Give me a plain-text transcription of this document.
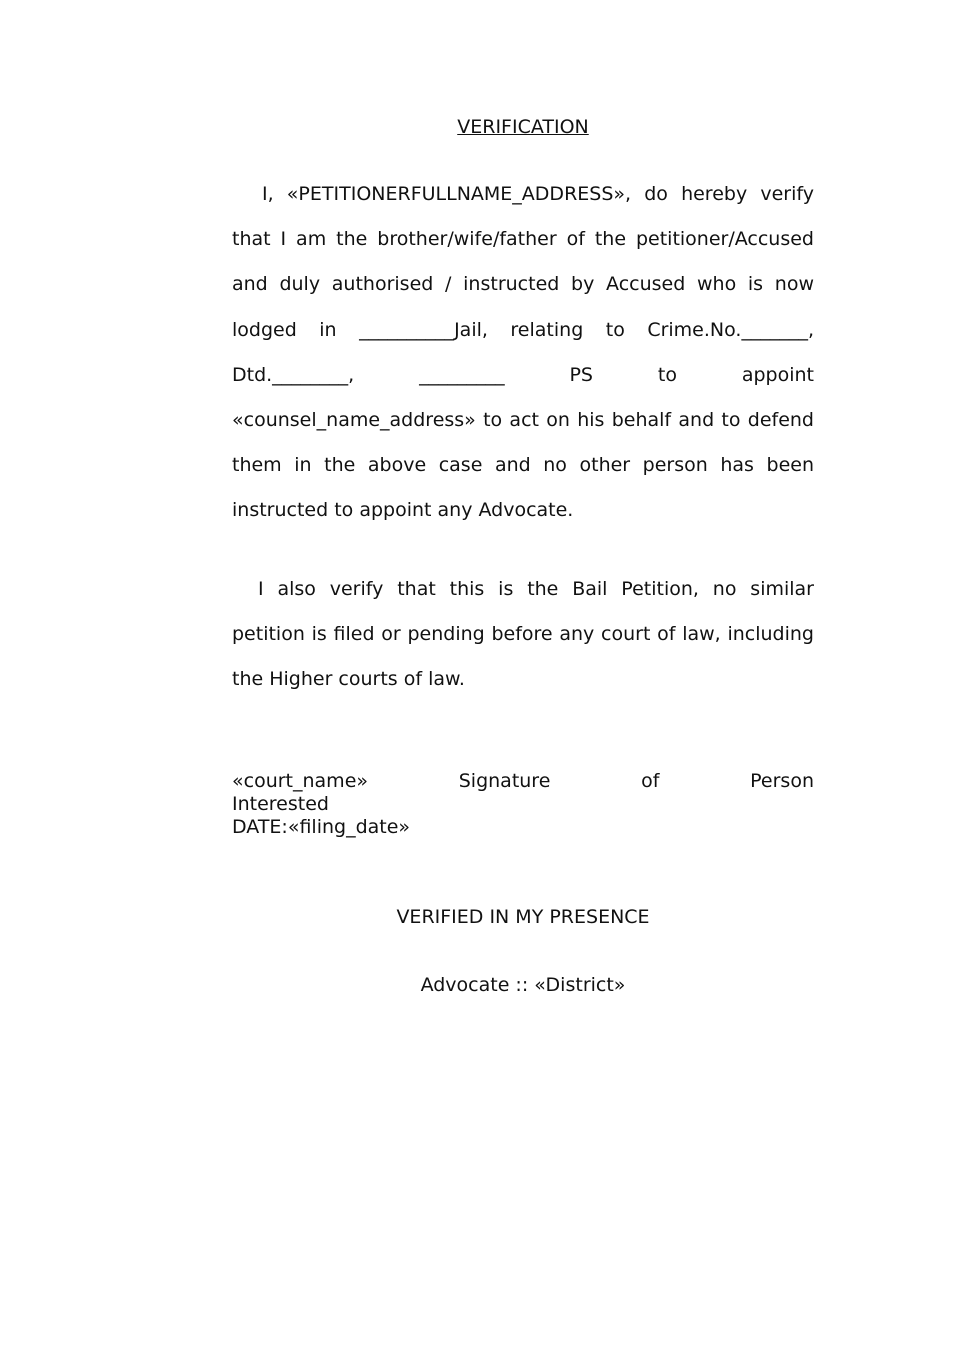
VERIFICATION

I, «PETITIONERFULLNAME_ADDRESS», do hereby verify that I am the brother/wife/father of the petitioner/Accused and duly authorised / instructed by Accused who is now lodged in __________Jail, relating to Crime.No._______, Dtd.________, _________ PS to appoint «counsel_name_address» to act on his behalf and to defend them in the above case and no other person has been instructed to appoint any Advocate.

I also verify that this is the Bail Petition, no similar petition is filed or pending before any court of law, including the Higher courts of law.

«court_name»	Signature of Person
Interested
DATE:«filing_date»
VERIFIED IN MY PRESENCE
Advocate :: «District»
